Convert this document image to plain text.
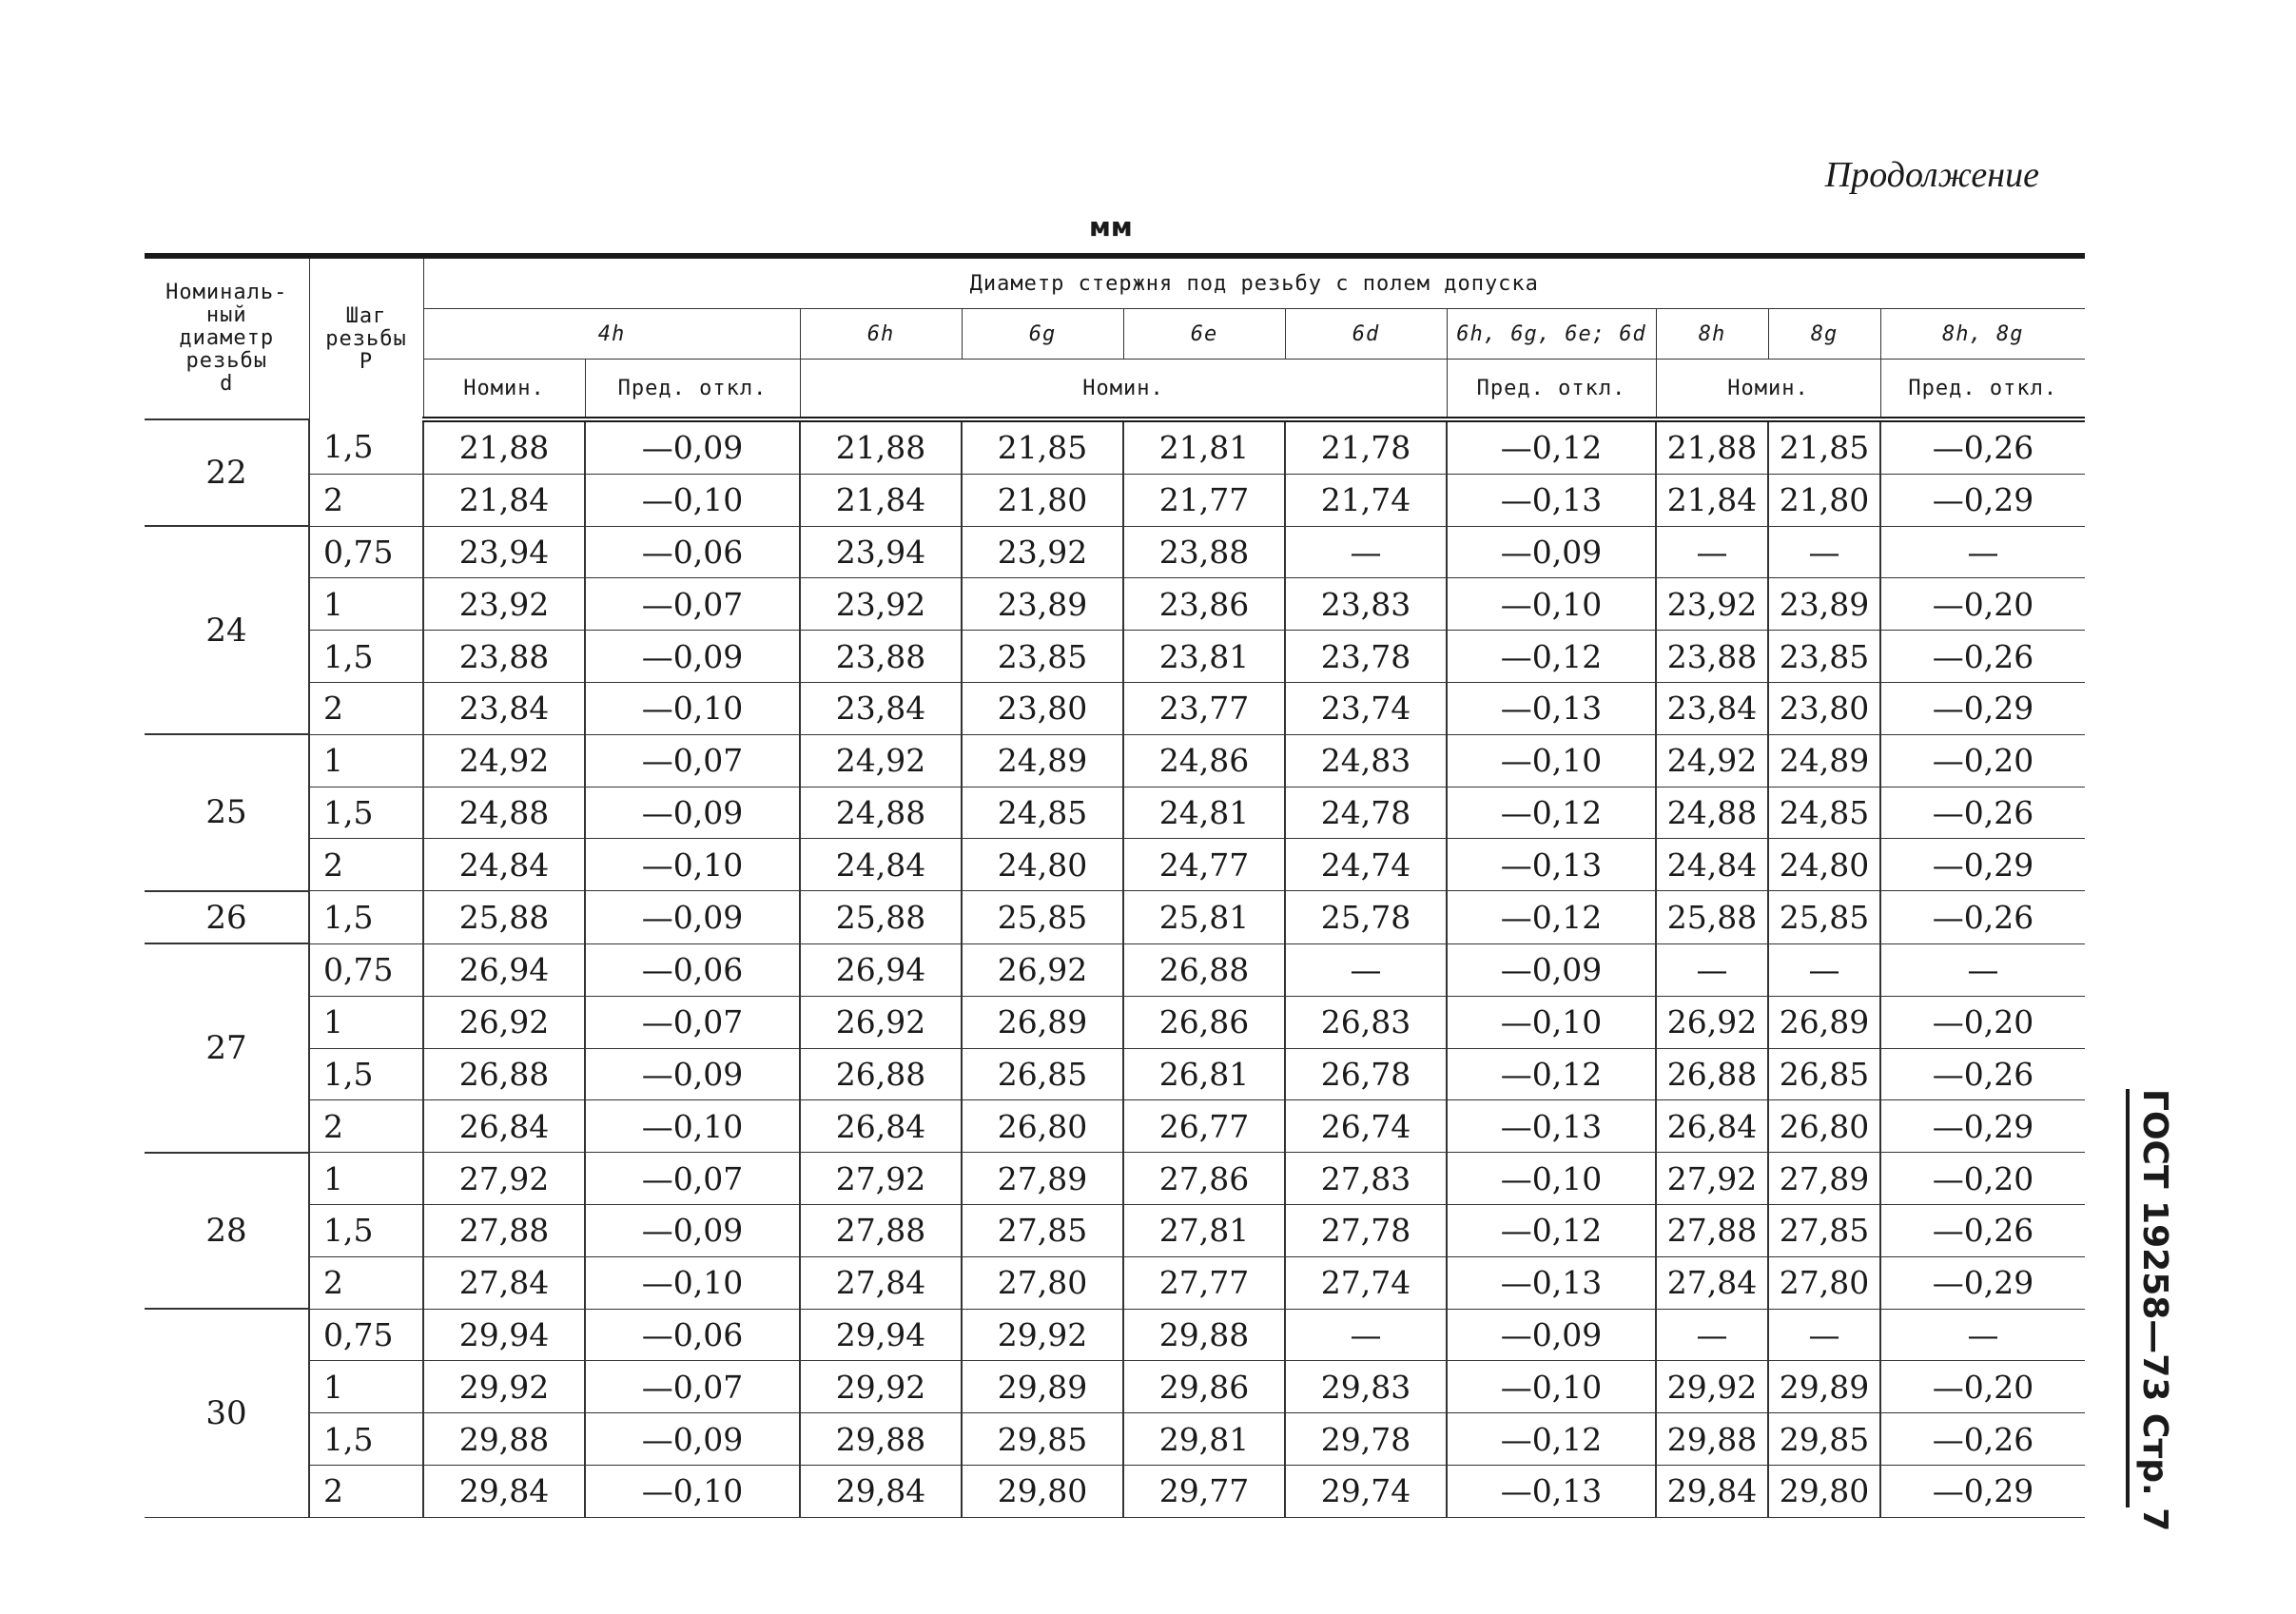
Продолжение
мм
ГОСТ 19258—73 Стр. 7
Номиналь-
ный
диаметр
резьбы
d	Шаг
резьбы
P	Диаметр стержня под резьбу с полем допуска									
		4h		6h	6g	6e	6d	6h, 6g, 6e; 6d	8h	8g	8h, 8g
		Номин.	Пред. откл.	Номин.				Пред. откл.	Номин.		Пред. откл.
22	1,5	21,88	—0,09	21,88	21,85	21,81	21,78	—0,12	21,88	21,85	—0,26
	2	21,84	—0,10	21,84	21,80	21,77	21,74	—0,13	21,84	21,80	—0,29
24	0,75	23,94	—0,06	23,94	23,92	23,88	—	—0,09	—	—	—
	1	23,92	—0,07	23,92	23,89	23,86	23,83	—0,10	23,92	23,89	—0,20
	1,5	23,88	—0,09	23,88	23,85	23,81	23,78	—0,12	23,88	23,85	—0,26
	2	23,84	—0,10	23,84	23,80	23,77	23,74	—0,13	23,84	23,80	—0,29
25	1	24,92	—0,07	24,92	24,89	24,86	24,83	—0,10	24,92	24,89	—0,20
	1,5	24,88	—0,09	24,88	24,85	24,81	24,78	—0,12	24,88	24,85	—0,26
	2	24,84	—0,10	24,84	24,80	24,77	24,74	—0,13	24,84	24,80	—0,29
26	1,5	25,88	—0,09	25,88	25,85	25,81	25,78	—0,12	25,88	25,85	—0,26
27	0,75	26,94	—0,06	26,94	26,92	26,88	—	—0,09	—	—	—
	1	26,92	—0,07	26,92	26,89	26,86	26,83	—0,10	26,92	26,89	—0,20
	1,5	26,88	—0,09	26,88	26,85	26,81	26,78	—0,12	26,88	26,85	—0,26
	2	26,84	—0,10	26,84	26,80	26,77	26,74	—0,13	26,84	26,80	—0,29
28	1	27,92	—0,07	27,92	27,89	27,86	27,83	—0,10	27,92	27,89	—0,20
	1,5	27,88	—0,09	27,88	27,85	27,81	27,78	—0,12	27,88	27,85	—0,26
	2	27,84	—0,10	27,84	27,80	27,77	27,74	—0,13	27,84	27,80	—0,29
30	0,75	29,94	—0,06	29,94	29,92	29,88	—	—0,09	—	—	—
	1	29,92	—0,07	29,92	29,89	29,86	29,83	—0,10	29,92	29,89	—0,20
	1,5	29,88	—0,09	29,88	29,85	29,81	29,78	—0,12	29,88	29,85	—0,26
	2	29,84	—0,10	29,84	29,80	29,77	29,74	—0,13	29,84	29,80	—0,29
